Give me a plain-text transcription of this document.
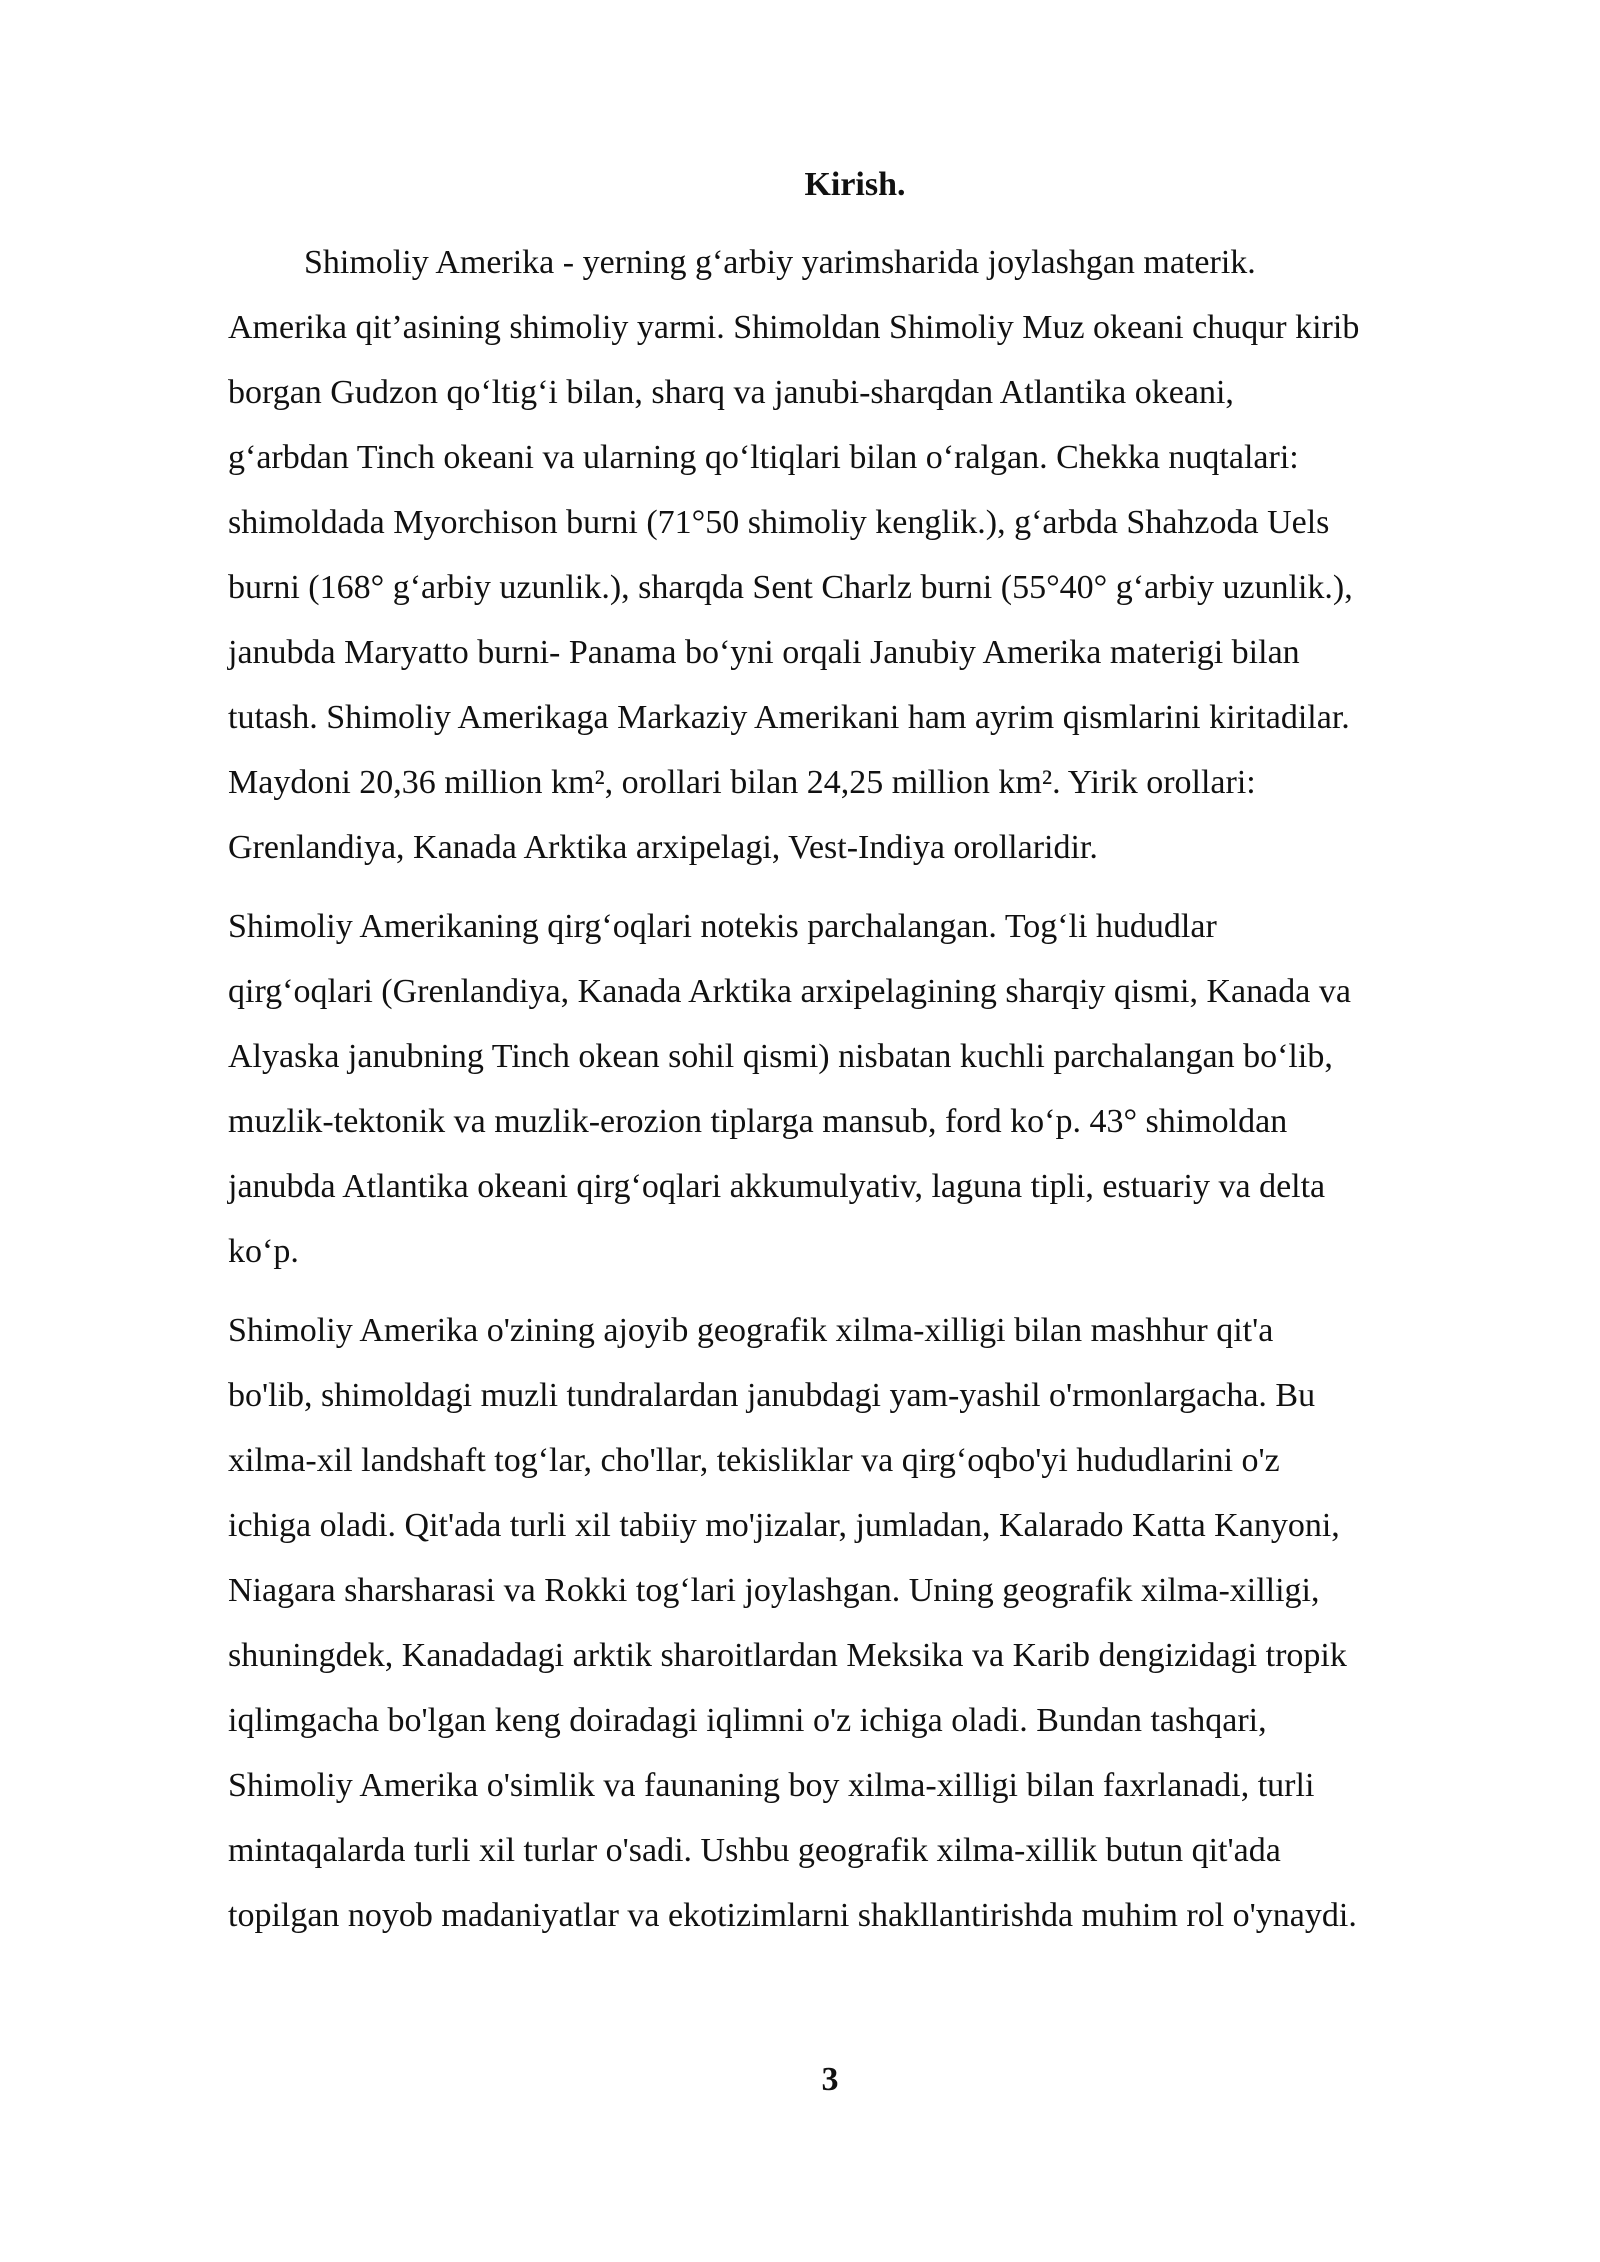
Kirish.

Shimoliy Amerika - yerning g‘arbiy yarimsharida joylashgan materik.
Amerika qit’asining shimoliy yarmi. Shimoldan Shimoliy Muz okeani chuqur kirib
borgan Gudzon qo‘ltig‘i bilan, sharq va janubi-sharqdan Atlantika okeani,
g‘arbdan Tinch okeani va ularning qo‘ltiqlari bilan o‘ralgan. Chekka nuqtalari:
shimoldada Myorchison burni (71°50 shimoliy kenglik.), g‘arbda Shahzoda Uels
burni (168° g‘arbiy uzunlik.), sharqda Sent Charlz burni (55°40° g‘arbiy uzunlik.),
janubda Maryatto burni- Panama bo‘yni orqali Janubiy Amerika materigi bilan
tutash. Shimoliy Amerikaga Markaziy Amerikani ham ayrim qismlarini kiritadilar.
Maydoni 20,36 million km², orollari bilan 24,25 million km². Yirik orollari:
Grenlandiya, Kanada Arktika arxipelagi, Vest-Indiya orollaridir.

Shimoliy Amerikaning qirg‘oqlari notekis parchalangan. Tog‘li hududlar
qirg‘oqlari (Grenlandiya, Kanada Arktika arxipelagining sharqiy qismi, Kanada va
Alyaska janubning Tinch okean sohil qismi) nisbatan kuchli parchalangan bo‘lib,
muzlik-tektonik va muzlik-erozion tiplarga mansub, ford ko‘p. 43° shimoldan
janubda Atlantika okeani qirg‘oqlari akkumulyativ, laguna tipli, estuariy va delta
ko‘p.

Shimoliy Amerika o'zining ajoyib geografik xilma-xilligi bilan mashhur qit'a
bo'lib, shimoldagi muzli tundralardan janubdagi yam-yashil o'rmonlargacha. Bu
xilma-xil landshaft tog‘lar, cho'llar, tekisliklar va qirg‘oqbo'yi hududlarini o'z
ichiga oladi. Qit'ada turli xil tabiiy mo'jizalar, jumladan, Kalarado Katta Kanyoni,
Niagara sharsharasi va Rokki tog‘lari joylashgan. Uning geografik xilma-xilligi,
shuningdek, Kanadadagi arktik sharoitlardan Meksika va Karib dengizidagi tropik
iqlimgacha bo'lgan keng doiradagi iqlimni o'z ichiga oladi. Bundan tashqari,
Shimoliy Amerika o'simlik va faunaning boy xilma-xilligi bilan faxrlanadi, turli
mintaqalarda turli xil turlar o'sadi. Ushbu geografik xilma-xillik butun qit'ada
topilgan noyob madaniyatlar va ekotizimlarni shakllantirishda muhim rol o'ynaydi.

3
